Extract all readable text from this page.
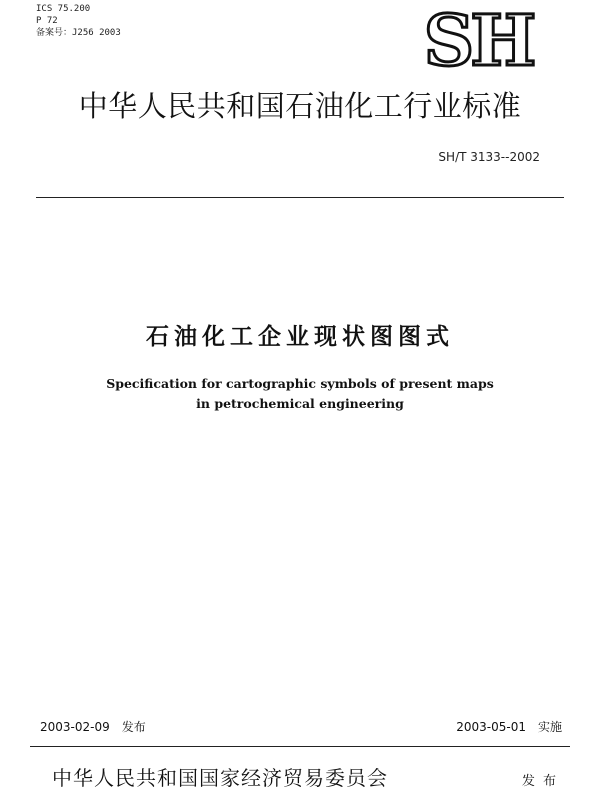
ICS 75.200
P 72
备案号：J256 2003	SH
中华人民共和国石油化工行业标准
SH/T 3133--2002
石油化工企业现状图图式
Specification for cartographic symbols of present maps
in petrochemical engineering
2003-02-09 发布	2003-05-01 实施
中华人民共和国国家经济贸易委员会	发 布
